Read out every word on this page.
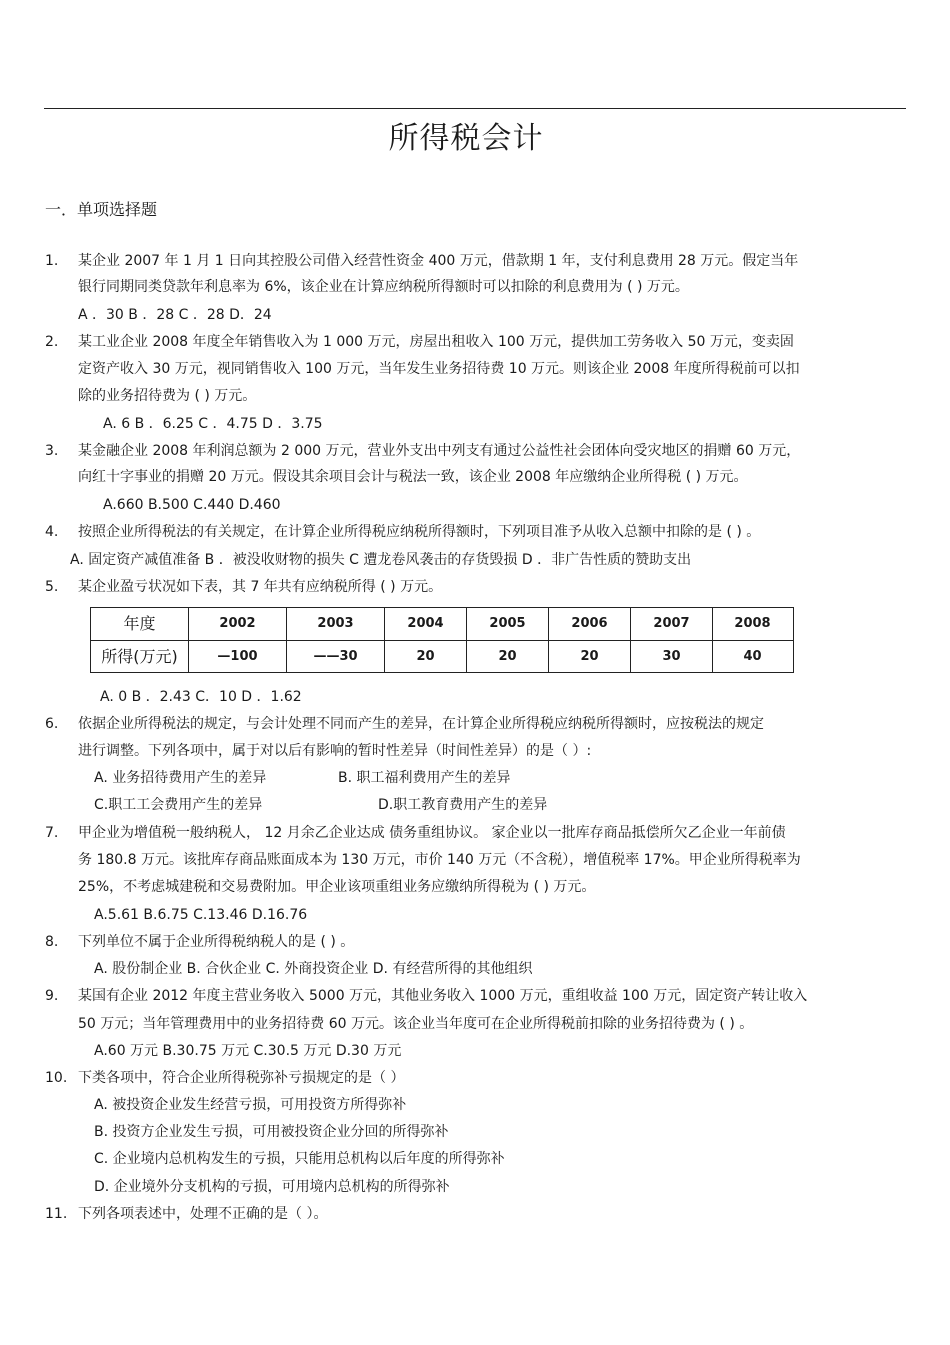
所得税会计
一．单项选择题
1. 某企业 2007 年 1 月 1 日向其控股公司借入经营性资金 400 万元，借款期 1 年，支付利息费用 28 万元。假定当年
银行同期同类贷款年利息率为 6%，该企业在计算应纳税所得额时可以扣除的利息费用为 ( ) 万元。
A ．30 B ．28 C ．28 D．24
2. 某工业企业 2008 年度全年销售收入为 1 000 万元，房屋出租收入 100 万元，提供加工劳务收入 50 万元，变卖固
定资产收入 30 万元，视同销售收入 100 万元，当年发生业务招待费 10 万元。则该企业 2008 年度所得税前可以扣
除的业务招待费为 ( ) 万元。
A. 6 B ．6.25 C ．4.75 D ．3.75
3. 某金融企业 2008 年利润总额为 2 000 万元，营业外支出中列支有通过公益性社会团体向受灾地区的捐赠 60 万元，
向红十字事业的捐赠 20 万元。假设其余项目会计与税法一致，该企业 2008 年应缴纳企业所得税 ( ) 万元。
A.660 B.500 C.440 D.460
4. 按照企业所得税法的有关规定，在计算企业所得税应纳税所得额时，下列项目准予从收入总额中扣除的是 ( ) 。
A. 固定资产减值准备 B ．被没收财物的损失 C 遭龙卷风袭击的存货毁损 D ．非广告性质的赞助支出
5. 某企业盈亏状况如下表，其 7 年共有应纳税所得 ( ) 万元。
年度	2002	2003	2004	2005	2006	2007	2008
所得(万元)	—100	——30	20	20	20	30	40
A. 0 B ．2.43 C．10 D ．1.62
6. 依据企业所得税法的规定，与会计处理不同而产生的差异，在计算企业所得税应纳税所得额时，应按税法的规定
进行调整。下列各项中，属于对以后有影响的暂时性差异（时间性差异）的是（ ）:
A. 业务招待费用产生的差异	B. 职工福利费用产生的差异
C.职工工会费用产生的差异	D.职工教育费用产生的差异
7. 甲企业为增值税一般纳税人， 12 月余乙企业达成 债务重组协议。 家企业以一批库存商品抵偿所欠乙企业一年前债
务 180.8 万元。该批库存商品账面成本为 130 万元，市价 140 万元（不含税），增值税率 17%。甲企业所得税率为
25%，不考虑城建税和交易费附加。甲企业该项重组业务应缴纳所得税为 ( ) 万元。
A.5.61 B.6.75 C.13.46 D.16.76
8. 下列单位不属于企业所得税纳税人的是 ( ) 。
A. 股份制企业 B. 合伙企业 C. 外商投资企业 D. 有经营所得的其他组织
9. 某国有企业 2012 年度主营业务收入 5000 万元，其他业务收入 1000 万元，重组收益 100 万元，固定资产转让收入
50 万元；当年管理费用中的业务招待费 60 万元。该企业当年度可在企业所得税前扣除的业务招待费为 ( ) 。
A.60 万元 B.30.75 万元 C.30.5 万元 D.30 万元
10. 下类各项中，符合企业所得税弥补亏损规定的是（ ）
A. 被投资企业发生经营亏损，可用投资方所得弥补
B. 投资方企业发生亏损，可用被投资企业分回的所得弥补
C. 企业境内总机构发生的亏损，只能用总机构以后年度的所得弥补
D. 企业境外分支机构的亏损，可用境内总机构的所得弥补
11. 下列各项表述中，处理不正确的是（ ）。
